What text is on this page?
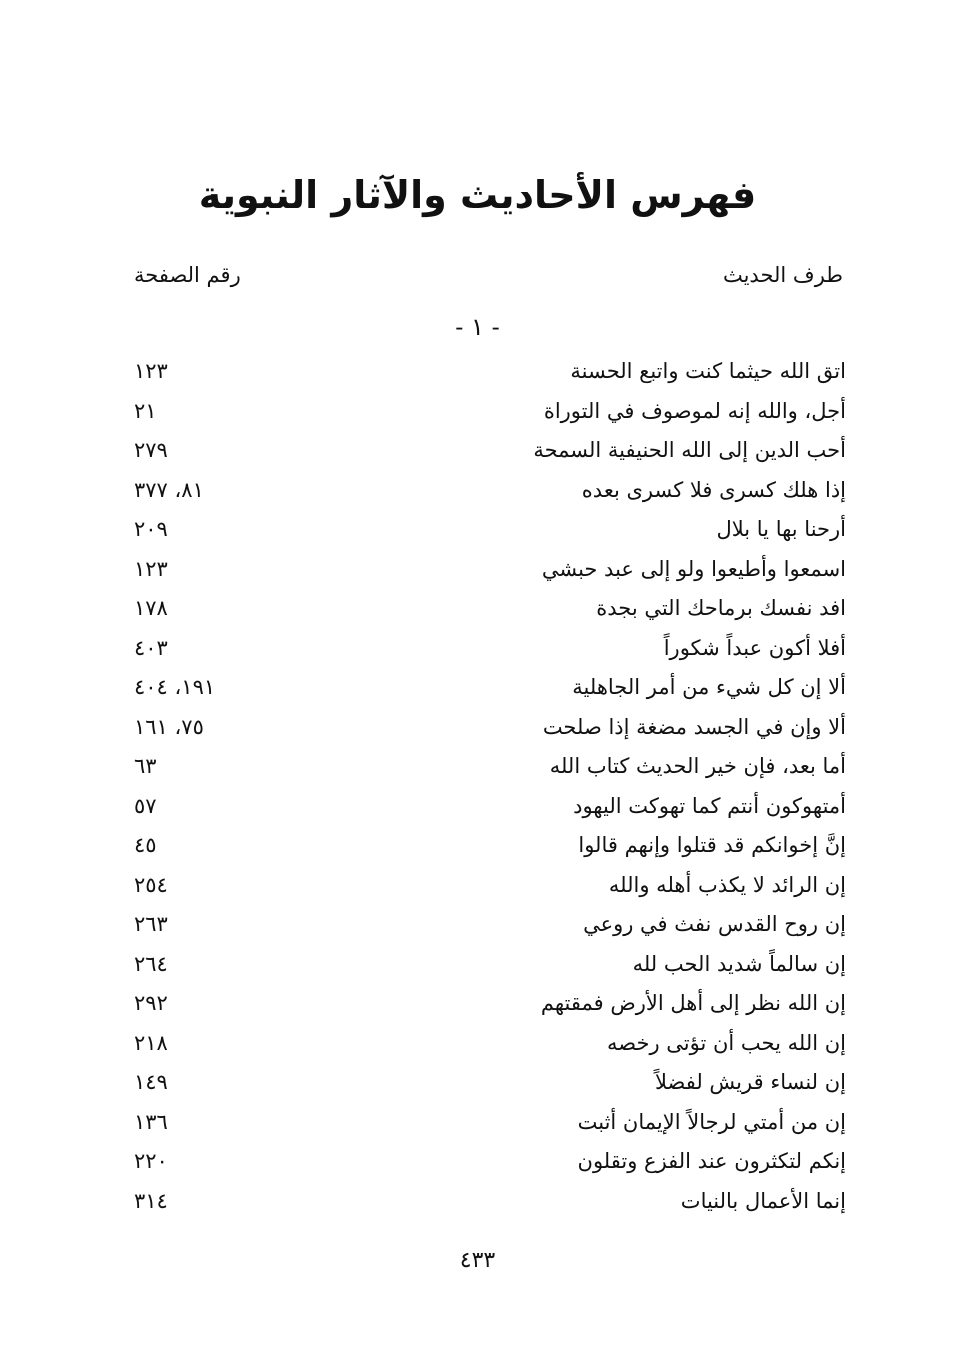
فهرس الأحاديث والآثار النبوية
طرف الحديث
رقم الصفحة
- ١ -
اتق الله حيثما كنت واتبع الحسنة
١٢٣
أجل، والله إنه لموصوف في التوراة
٢١
أحب الدين إلى الله الحنيفية السمحة
٢٧٩
إذا هلك كسرى فلا كسرى بعده
٨١، ٣٧٧
أرحنا بها يا بلال
٢٠٩
اسمعوا وأطيعوا ولو إلى عبد حبشي
١٢٣
افد نفسك برماحك التي بجدة
١٧٨
أفلا أكون عبداً شكوراً
٤٠٣
ألا إن كل شيء من أمر الجاهلية
١٩١، ٤٠٤
ألا وإن في الجسد مضغة إذا صلحت
٧٥، ١٦١
أما بعد، فإن خير الحديث كتاب الله
٦٣
أمتهوكون أنتم كما تهوكت اليهود
٥٧
إنَّ إخوانكم قد قتلوا وإنهم قالوا
٤٥
إن الرائد لا يكذب أهله والله
٢٥٤
إن روح القدس نفث في روعي
٢٦٣
إن سالماً شديد الحب لله
٢٦٤
إن الله نظر إلى أهل الأرض فمقتهم
٢٩٢
إن الله يحب أن تؤتى رخصه
٢١٨
إن لنساء قريش لفضلاً
١٤٩
إن من أمتي لرجالاً الإيمان أثبت
١٣٦
إنكم لتكثرون عند الفزع وتقلون
٢٢٠
إنما الأعمال بالنيات
٣١٤
٤٣٣
